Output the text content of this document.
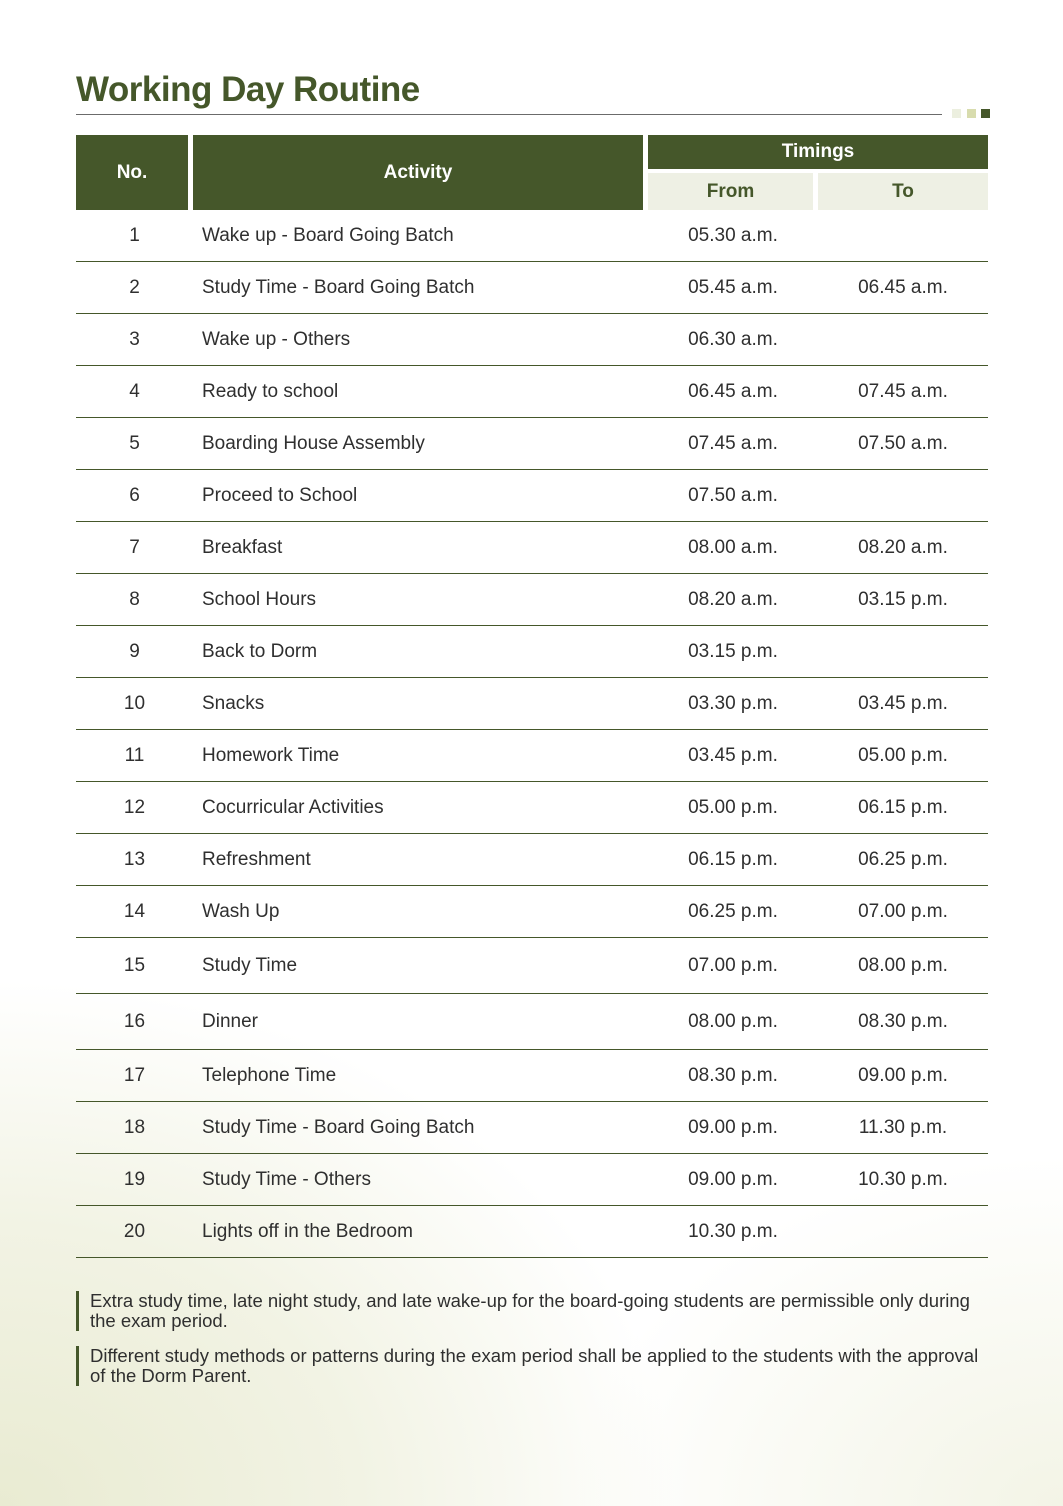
Working Day Routine
No.	Activity	Timings	
		From	To
1	Wake up - Board Going Batch	05.30 a.m.	
2	Study Time - Board Going Batch	05.45 a.m.	06.45 a.m.
3	Wake up - Others	06.30 a.m.	
4	Ready to school	06.45 a.m.	07.45 a.m.
5	Boarding House Assembly	07.45 a.m.	07.50 a.m.
6	Proceed to School	07.50 a.m.	
7	Breakfast	08.00 a.m.	08.20 a.m.
8	School Hours	08.20 a.m.	03.15 p.m.
9	Back to Dorm	03.15 p.m.	
10	Snacks	03.30 p.m.	03.45 p.m.
11	Homework Time	03.45 p.m.	05.00 p.m.
12	Cocurricular Activities	05.00 p.m.	06.15 p.m.
13	Refreshment	06.15 p.m.	06.25 p.m.
14	Wash Up	06.25 p.m.	07.00 p.m.
15	Study Time	07.00 p.m.	08.00 p.m.
16	Dinner	08.00 p.m.	08.30 p.m.
17	Telephone Time	08.30 p.m.	09.00 p.m.
18	Study Time - Board Going Batch	09.00 p.m.	11.30 p.m.
19	Study Time - Others	09.00 p.m.	10.30 p.m.
20	Lights off in the Bedroom	10.30 p.m.	

Extra study time, late night study, and late wake-up for the board-going students are permissible only during the exam period.

Different study methods or patterns during the exam period shall be applied to the students with the approval of the Dorm Parent.
